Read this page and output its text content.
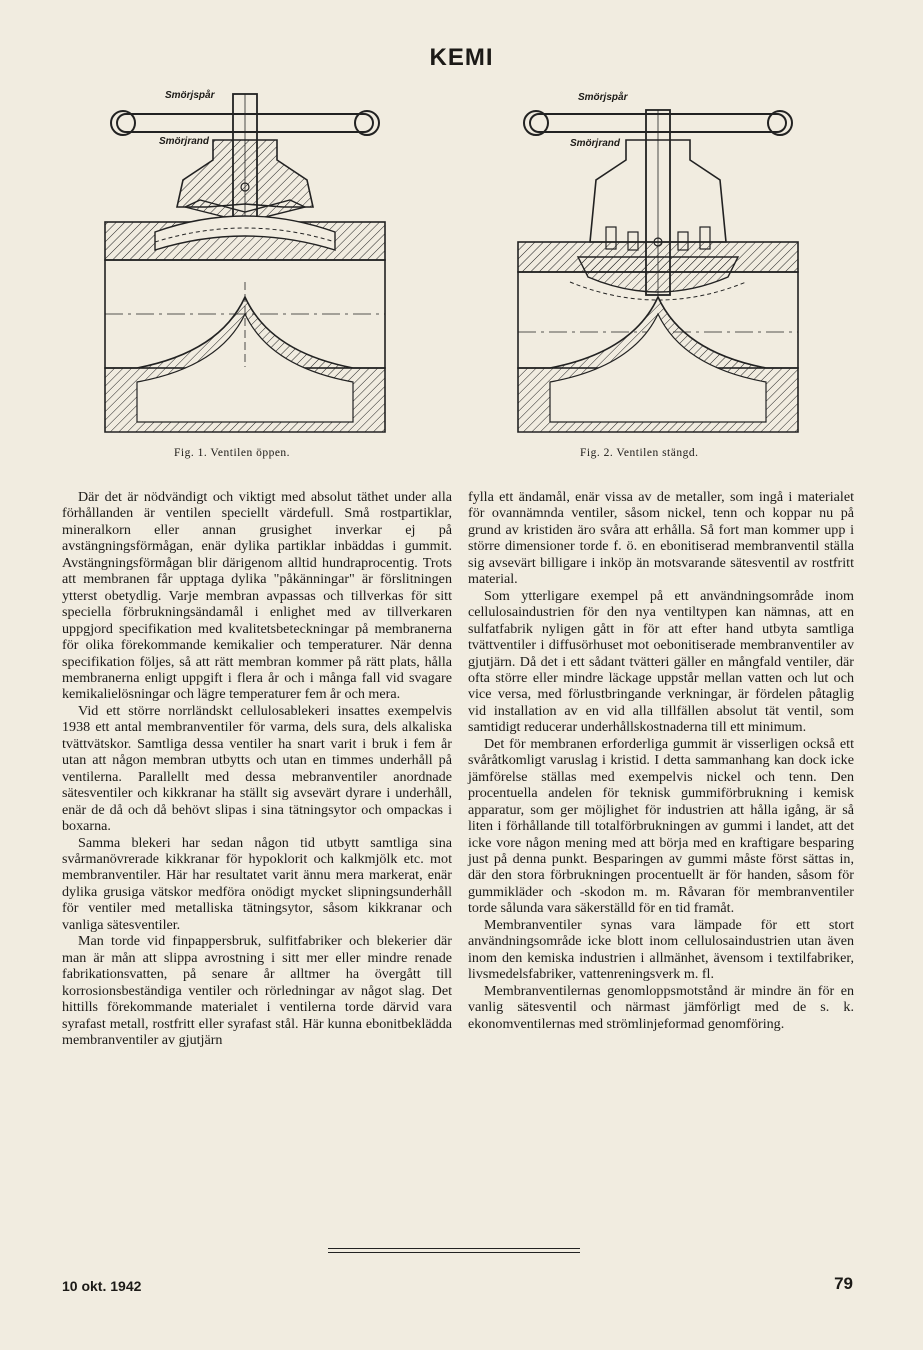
KEMI
Smörjspår
Smörjrand
Fig. 1. Ventilen öppen.
Smörjspår
Smörjrand
Fig. 2. Ventilen stängd.

Där det är nödvändigt och viktigt med absolut täthet under alla förhållanden är ventilen speciellt värdefull. Små rostpartiklar, mineralkorn eller annan grusighet inverkar ej på avstängningsförmågan, enär dylika partiklar inbäddas i gummit. Avstängningsförmågan blir därigenom alltid hundraprocentig. Trots att membranen får upptaga dylika "påkänningar" är förslitningen ytterst obetydlig. Varje membran avpassas och tillverkas för sitt speciella förbrukningsändamål i enlighet med av tillverkaren uppgjord specifikation med kvalitetsbeteckningar på membranerna för olika förekommande kemikalier och temperaturer. När denna specifikation följes, så att rätt membran kommer på rätt plats, hålla membranerna enligt uppgift i flera år och i många fall vid svagare kemikalielösningar och lägre temperaturer fem år och mera.

Vid ett större norrländskt cellulosablekeri insattes exempelvis 1938 ett antal membranventiler för varma, dels sura, dels alkaliska tvättvätskor. Samtliga dessa ventiler ha snart varit i bruk i fem år utan att någon membran utbytts och utan en timmes underhåll på ventilerna. Parallellt med dessa mebranventiler anordnade sätesventiler och kikkranar ha ställt sig avsevärt dyrare i underhåll, enär de då och då behövt slipas i sina tätningsytor och ompackas i boxarna.

Samma blekeri har sedan någon tid utbytt samtliga sina svårmanövrerade kikkranar för hypoklorit och kalkmjölk etc. mot membranventiler. Här har resultatet varit ännu mera markerat, enär dylika grusiga vätskor medföra onödigt mycket slipningsunderhåll för ventiler med metalliska tätningsytor, såsom kikkranar och vanliga sätesventiler.

Man torde vid finpappersbruk, sulfitfabriker och blekerier där man är mån att slippa avrostning i sitt mer eller mindre renade fabrikationsvatten, på senare år alltmer ha övergått till korrosionsbeständiga ventiler och rörledningar av något slag. Det hittills förekommande materialet i ventilerna torde därvid vara syrafast metall, rostfritt eller syrafast stål. Här kunna ebonitbeklädda membranventiler av gjutjärn

fylla ett ändamål, enär vissa av de metaller, som ingå i materialet för ovannämnda ventiler, såsom nickel, tenn och koppar nu på grund av kristiden äro svåra att erhålla. Så fort man kommer upp i större dimensioner torde f. ö. en ebonitiserad membranventil ställa sig avsevärt billigare i inköp än motsvarande sätesventil av rostfritt material.

Som ytterligare exempel på ett användningsområde inom cellulosaindustrien för den nya ventiltypen kan nämnas, att en sulfatfabrik nyligen gått in för att efter hand utbyta samtliga tvättventiler i diffusörhuset mot oebonitiserade membranventiler av gjutjärn. Då det i ett sådant tvätteri gäller en mångfald ventiler, där ofta större eller mindre läckage uppstår mellan vatten och lut och vice versa, med förlustbringande verkningar, är fördelen påtaglig vid installation av en vid alla tillfällen absolut tät ventil, som samtidigt reducerar underhållskostnaderna till ett minimum.

Det för membranen erforderliga gummit är visserligen också ett svåråtkomligt varuslag i kristid. I detta sammanhang kan dock icke jämförelse ställas med exempelvis nickel och tenn. Den procentuella andelen för teknisk gummiförbrukning i kemisk apparatur, som ger möjlighet för industrien att hålla igång, är så liten i förhållande till totalförbrukningen av gummi i landet, att det icke vore någon mening med att börja med en kraftigare besparing just på denna punkt. Besparingen av gummi måste först sättas in, där den stora förbrukningen procentuellt är för handen, såsom för gummikläder och -skodon m. m. Råvaran för membranventiler torde sålunda vara säkerställd för en tid framåt.

Membranventiler synas vara lämpade för ett stort användningsområde icke blott inom cellulosaindustrien utan även inom den kemiska industrien i allmänhet, ävensom i textilfabriker, livsmedelsfabriker, vattenreningsverk m. fl.

Membranventilernas genomloppsmotstånd är mindre än för en vanlig sätesventil och närmast jämförligt med de s. k. ekonomventilernas med strömlinjeformad genomföring.

10 okt. 1942	79
